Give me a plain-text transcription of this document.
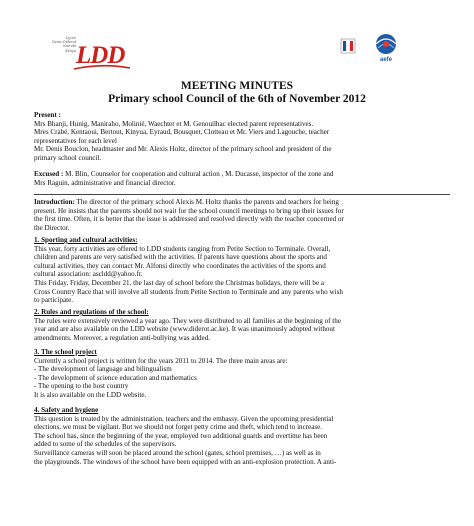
Lycée
Denis Diderot
Nairobi
Kenya LDD	aefe
MEETING MINUTES
Primary school Council of the 6th of November 2012

Present :

Mrs Bhanji, Hunig, Maniraho, Molinié, Waechter et M. Genouilhac elected parent representatives.

Mres Crabé, Kentaoui, Bertout, Kinyua, Eyraud, Bousquet, Clotteau et Mr. Viers and Lagouche, teacher

representatives for each level

Mr. Denis Bouclon, headmaster and Mr. Alexis Holtz, director of the primary school and president of the

primary school council.

Excused : M. Blin, Counselor for cooperation and cultural action , M. Ducasse, inspector of the zone and

Mrs Raguin, administrative and financial director.

Introduction: The director of the primary school Alexis M. Holtz thanks the parents and teachers for being

present. He insists that the parents should not wait for the school council meetings to bring up their issues for

the first time. Often, it is better that the issue is addressed and resolved directly with the teacher concerned or

the Director.

1. Sporting and cultural activities:

This year, forty activities are offered to LDD students ranging from Petite Section to Terminale. Overall,

children and parents are very satisfied with the activities. If parents have questions about the sports and

cultural activities, they can contact Mr. Alfonsi directly who coordinates the activities of the sports and

cultural association: ascldd@yahoo.fr.

This Friday, Friday, December 21, the last day of school before the Christmas holidays, there will be a

Cross Country Race that will involve all students from Petite Section to Terminale and any parents who wish

to participate.

2. Rules and regulations of the school:

The rules were extensively reviewed a year ago. They were distributed to all families at the beginning of the

year and are also available on the LDD website (www.diderot.ac.ke). It was unanimously adopted without

amendments. Moreover, a regulation anti-bullying was added.

3. The school project

Currently a school project is written for the years 2011 to 2014. The three main areas are:

- The development of language and bilingualism

- The development of science education and mathematics

- The opening to the host country

It is also available on the LDD website.

4. Safety and hygiene

This question is treated by the administration, teachers and the embassy. Given the upcoming presidential

elections, we must be vigilant. But we should not forget petty crime and theft, which tend to increase.

The school has, since the beginning of the year, employed two additional guards and overtime has been

added to some of the schedules of the supervisors.

Surveillance cameras will soon be placed around the school (gates, school premises, …) as well as in

the playgrounds. The windows of the school have been equipped with an anti-explosion protection. A anti-
